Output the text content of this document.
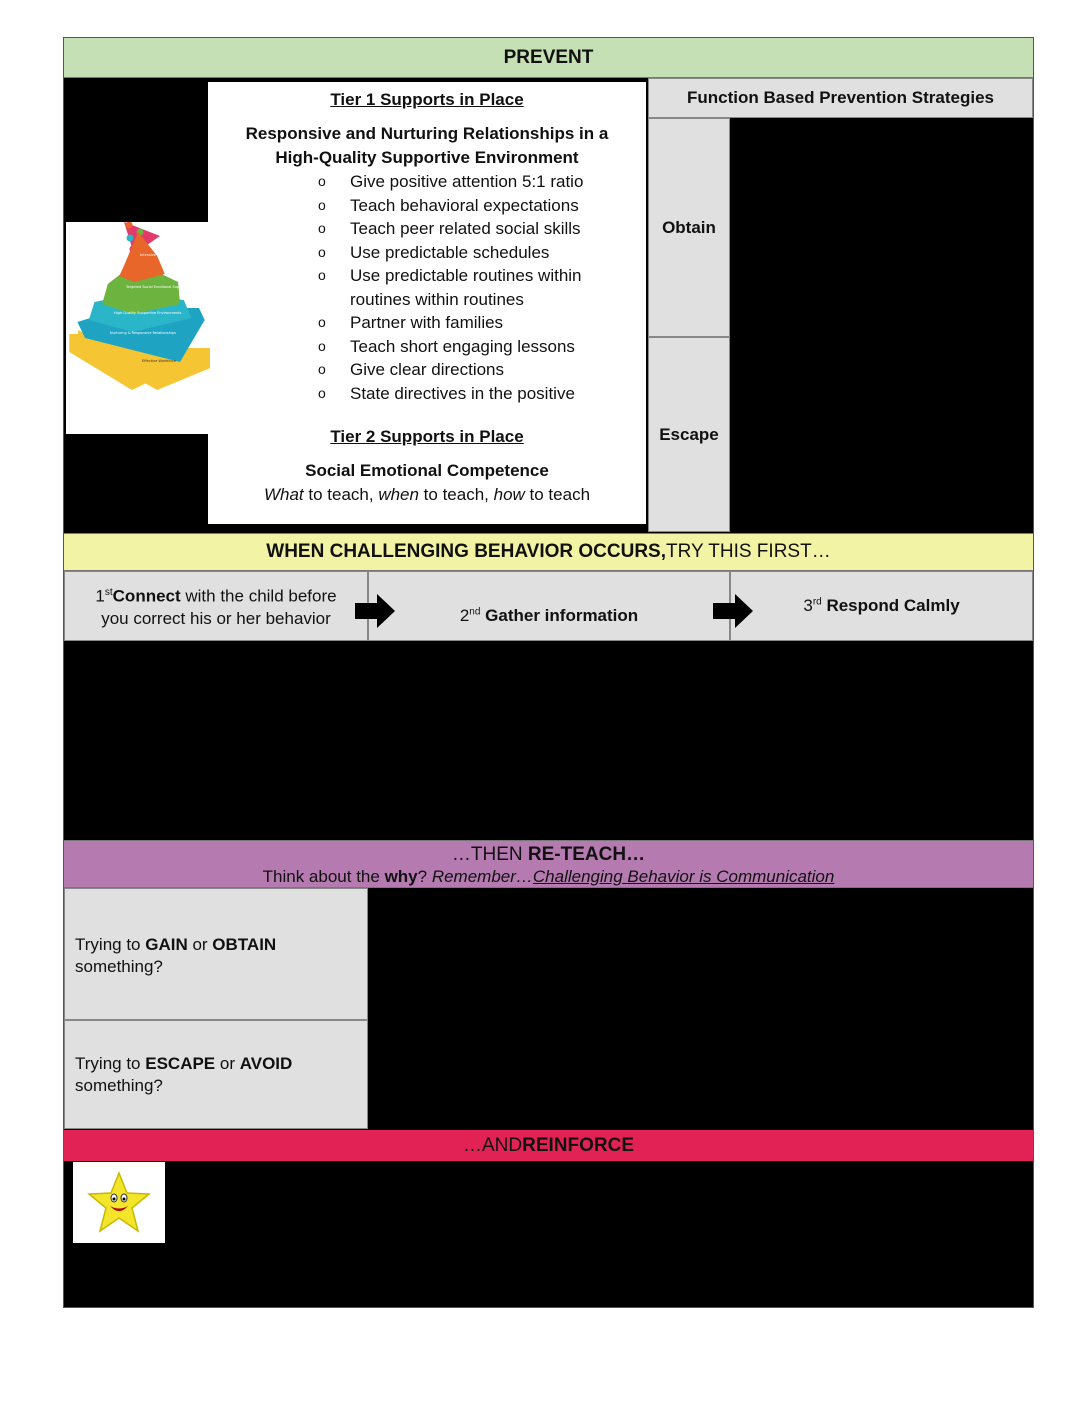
PREVENT
Tier 1 Supports in Place
Responsive and Nurturing Relationships in a
High-Quality Supportive Environment
o Give positive attention 5:1 ratio
o Teach behavioral expectations
o Teach peer related social skills
o Use predictable schedules
o Use predictable routines within routines within routines
o Partner with families
o Teach short engaging lessons
o Give clear directions
o State directives in the positive
Tier 2 Supports in Place
Social Emotional Competence
What to teach, when to teach, how to teach
Intensive Intervention
Targeted Social Emotional Supports
High-Quality Supportive Environments
Nurturing & Responsive Relationships
Effective Workforce
Function Based Prevention Strategies
Obtain
Escape
WHEN CHALLENGING BEHAVIOR OCCURS, TRY THIS FIRST…
1stConnect with the child before
you correct his or her behavior	2nd Gather information
3rd Respond Calmly
…THEN RE-TEACH…
Think about the why? Remember…Challenging Behavior is Communication
Trying to GAIN or OBTAIN
something?
Trying to ESCAPE or AVOID
something?
…AND REINFORCE
